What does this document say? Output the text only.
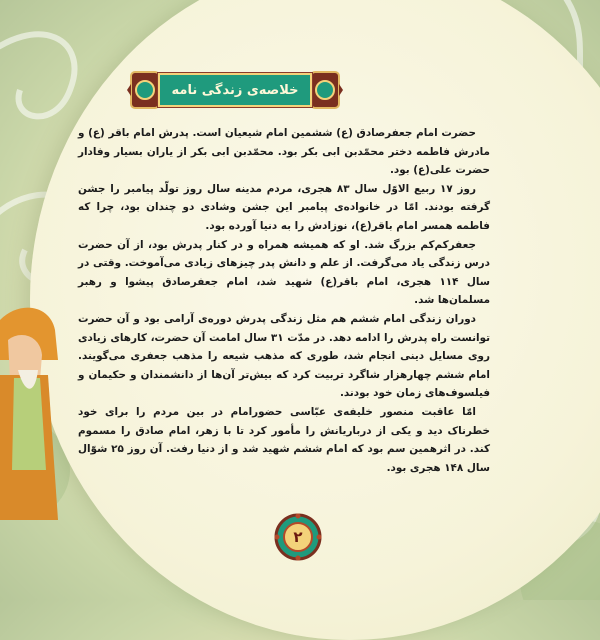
خلاصه‌ی زندگی نامه

حضرت امام جعفرصادق (ع) ششمین امام شیعیان است. پدرش امام باقر (ع) و مادرش فاطمه دختر محمّدبن ابی بکر بود. محمّدبن ابی بکر از یاران بسیار وفادار حضرت علی(ع) بود.

روز ۱۷ ربیع الاوّل سال ۸۳ هجری، مردم مدینه سال روز تولّد پیامبر را جشن گرفته بودند. امّا در خانواده‌ی پیامبر این جشن وشادی دو چندان بود، چرا که فاطمه همسر امام باقر(ع)، نوزادش را به دنیا آورده بود.

جعفرکم‌کم بزرگ شد. او که همیشه همراه و در کنار پدرش بود، از آن حضرت درس زندگی یاد می‌گرفت. از علم و دانش پدر چیزهای زیادی می‌آموخت. وقتی در سال ۱۱۴ هجری، امام باقر(ع) شهید شد، امام جعفرصادق پیشوا و رهبر مسلمان‌ها شد.

دوران زندگی امام ششم هم مثل زندگی پدرش دوره‌ی آرامی بود و آن حضرت توانست راه پدرش را ادامه دهد. در مدّت ۳۱ سال امامت آن حضرت، کارهای زیادی روی مسایل دینی انجام شد، طوری که مذهب شیعه را مذهب جعفری می‌گویند. امام ششم چهارهزار شاگرد تربیت کرد که بیش‌تر آن‌ها از دانشمندان و حکیمان و فیلسوف‌های زمان خود بودند.

امّا عاقبت منصور خلیفه‌ی عبّاسی حضورامام در بین مردم را برای خود خطرناک دید و یکی از درباریانش را مأمور کرد تا با زهر، امام صادق را مسموم کند. در اثرهمین سم بود که امام ششم شهید شد و از دنیا رفت. آن روز ۲۵ شوّال سال ۱۴۸ هجری بود.

۲
